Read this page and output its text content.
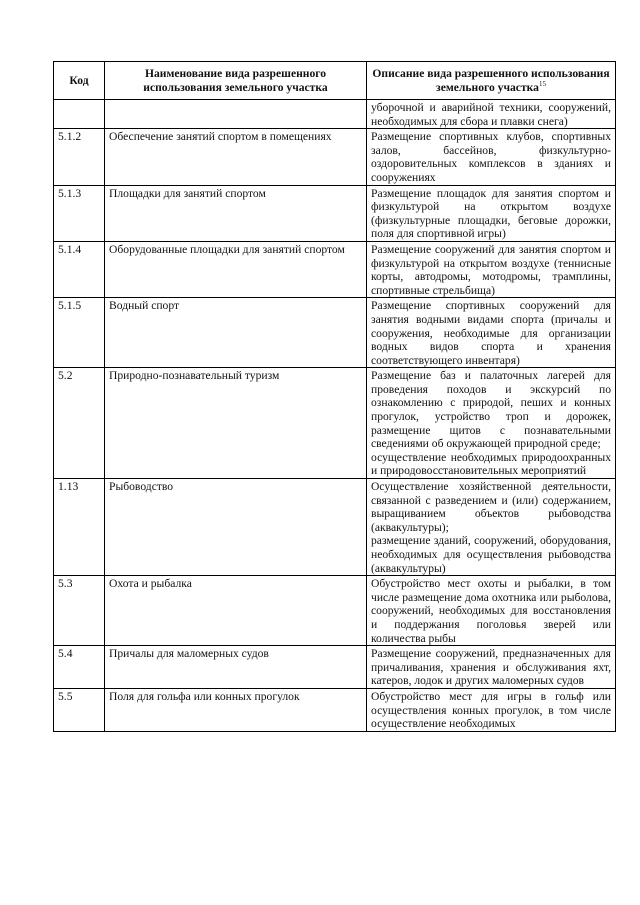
Код	Наименование вида разрешенного использования земельного участка	Описание вида разрешенного использования земельного участка$^{15}$

		уборочной и аварийной техники, сооружений, необходимых для сбора и плавки снега)

5.1.2	Обеспечение занятий спортом в помещениях	Размещение спортивных клубов, спортивных залов, бассейнов, физкультурно-оздоровительных комплексов в зданиях и сооружениях

5.1.3	Площадки для занятий спортом	Размещение площадок для занятия спортом и физкультурой на открытом воздухе (физкультурные площадки, беговые дорожки, поля для спортивной игры)

5.1.4	Оборудованные площадки для занятий спортом	Размещение сооружений для занятия спортом и физкультурой на открытом воздухе (теннисные корты, автодромы, мотодромы, трамплины, спортивные стрельбища)

5.1.5	Водный спорт	Размещение спортивных сооружений для занятия водными видами спорта (причалы и сооружения, необходимые для организации водных видов спорта и хранения соответствующего инвентаря)

5.2	Природно-познавательный туризм	Размещение баз и палаточных лагерей для проведения походов и экскурсий по ознакомлению с природой, пеших и конных прогулок, устройство троп и дорожек, размещение щитов с познавательными сведениями об окружающей природной среде;
осуществление необходимых природоохранных и природовосстановительных мероприятий

1.13	Рыбоводство	Осуществление хозяйственной деятельности, связанной с разведением и (или) содержанием, выращиванием объектов рыбоводства (аквакультуры);
размещение зданий, сооружений, оборудования, необходимых для осуществления рыбоводства (аквакультуры)

5.3	Охота и рыбалка	Обустройство мест охоты и рыбалки, в том числе размещение дома охотника или рыболова, сооружений, необходимых для восстановления и поддержания поголовья зверей или количества рыбы

5.4	Причалы для маломерных судов	Размещение сооружений, предназначенных для причаливания, хранения и обслуживания яхт, катеров, лодок и других маломерных судов

5.5	Поля для гольфа или конных прогулок	Обустройство мест для игры в гольф или осуществления конных прогулок, в том числе осуществление необходимых
